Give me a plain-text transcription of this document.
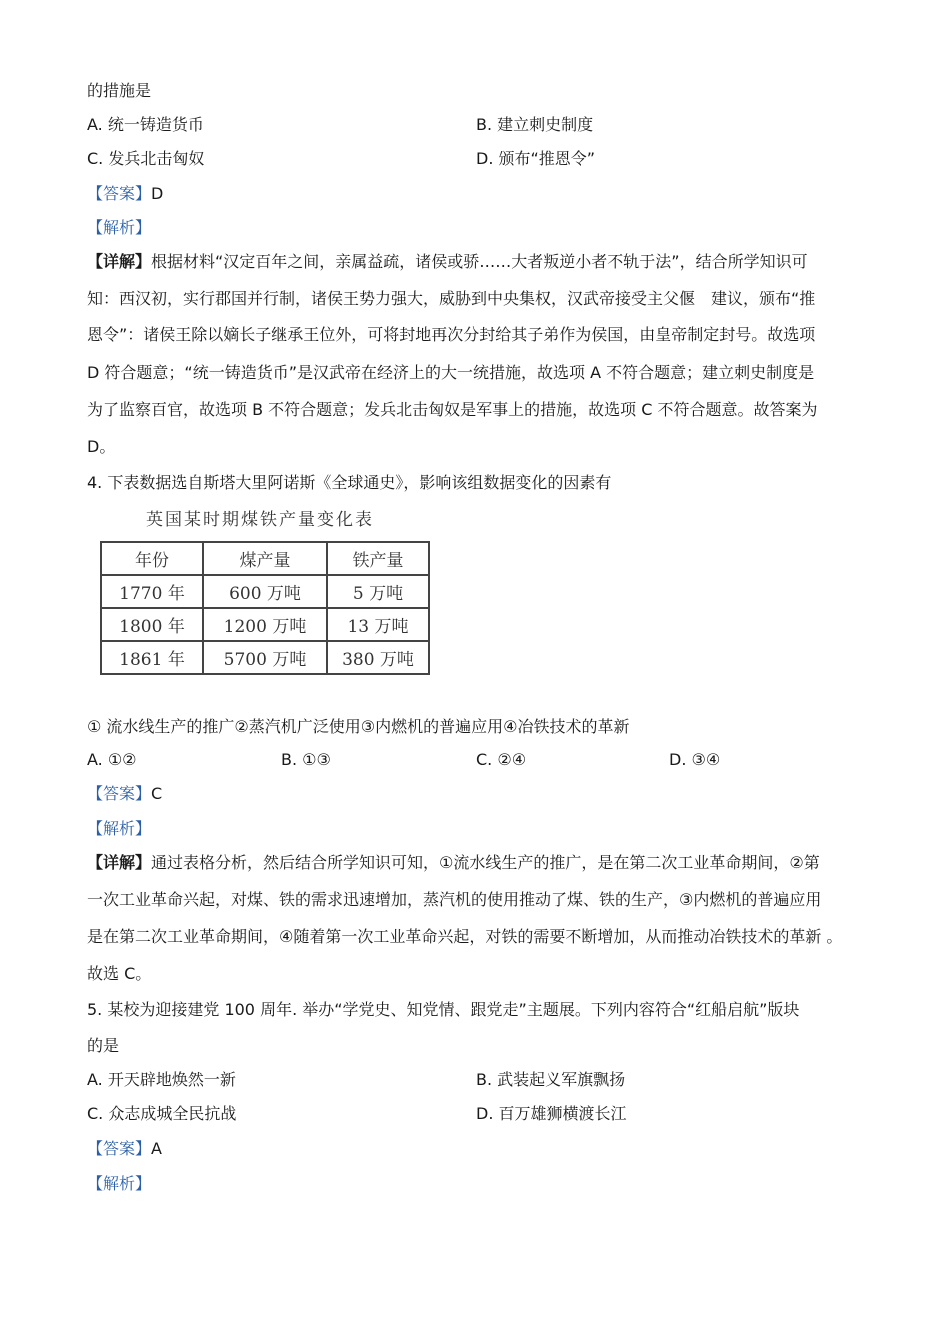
的措施是
A. 统一铸造货币	B. 建立刺史制度
C. 发兵北击匈奴	D. 颁布“推恩令”
【答案】D
【解析】
【详解】根据材料“汉定百年之间，亲属益疏，诸侯或骄……大者叛逆小者不轨于法”，结合所学知识可
知：西汉初，实行郡国并行制，诸侯王势力强大，威胁到中央集权，汉武帝接受主父偃　建议，颁布“推
恩令”：诸侯王除以嫡长子继承王位外，可将封地再次分封给其子弟作为侯国，由皇帝制定封号。故选项
D 符合题意；“统一铸造货币”是汉武帝在经济上的大一统措施，故选项 A 不符合题意；建立刺史制度是
为了监察百官，故选项 B 不符合题意；发兵北击匈奴是军事上的措施，故选项 C 不符合题意。故答案为
D。
4. 下表数据选自斯塔大里阿诺斯《全球通史》，影响该组数据变化的因素有
英国某时期煤铁产量变化表
年份	煤产量	铁产量
1770 年	600 万吨	5 万吨
1800 年	1200 万吨	13 万吨
1861 年	5700 万吨	380 万吨
① 流水线生产的推广②蒸汽机广泛使用③内燃机的普遍应用④冶铁技术的革新
A. ①②	B. ①③	C. ②④	D. ③④
【答案】C
【解析】
【详解】通过表格分析，然后结合所学知识可知，①流水线生产的推广，是在第二次工业革命期间，②第
一次工业革命兴起，对煤、铁的需求迅速增加，蒸汽机的使用推动了煤、铁的生产，③内燃机的普遍应用
是在第二次工业革命期间，④随着第一次工业革命兴起，对铁的需要不断增加，从而推动冶铁技术的革新 。
故选 C。
5. 某校为迎接建党 100 周年. 举办“学党史、知党情、跟党走”主题展。下列内容符合“红船启航”版块
的是
A. 开天辟地焕然一新	B. 武装起义军旗飘扬
C. 众志成城全民抗战	D. 百万雄狮横渡长江
【答案】A
【解析】
